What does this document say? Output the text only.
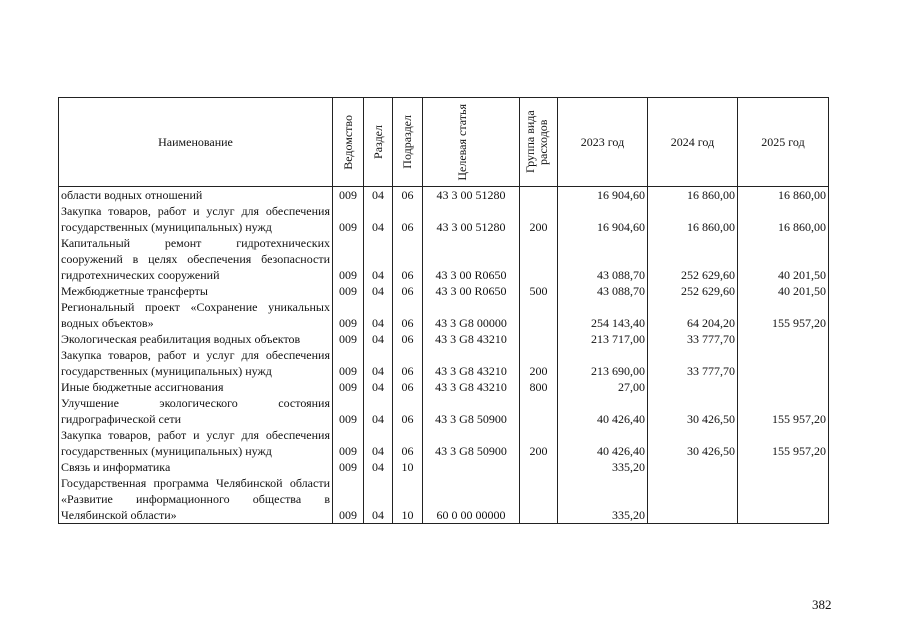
Наименование	Ведомство	Раздел	Подраздел	Целевая статья	Группа вида расходов	2023 год	2024 год	2025 год
области водных отношений	009	04	06	43 3 00 51280		16 904,60	16 860,00	16 860,00
Закупка товаров, работ и услуг для обеспечения государственных (муниципальных) нужд	009	04	06	43 3 00 51280	200	16 904,60	16 860,00	16 860,00
Капитальный ремонт гидротехнических сооружений в целях обеспечения безопасности гидротехнических сооружений	009	04	06	43 3 00 R0650		43 088,70	252 629,60	40 201,50
Межбюджетные трансферты	009	04	06	43 3 00 R0650	500	43 088,70	252 629,60	40 201,50
Региональный проект «Сохранение уникальных водных объектов»	009	04	06	43 3 G8 00000		254 143,40	64 204,20	155 957,20
Экологическая реабилитация водных объектов	009	04	06	43 3 G8 43210		213 717,00	33 777,70	
Закупка товаров, работ и услуг для обеспечения государственных (муниципальных) нужд	009	04	06	43 3 G8 43210	200	213 690,00	33 777,70	
Иные бюджетные ассигнования	009	04	06	43 3 G8 43210	800	27,00		
Улучшение экологического состояния гидрографической сети	009	04	06	43 3 G8 50900		40 426,40	30 426,50	155 957,20
Закупка товаров, работ и услуг для обеспечения государственных (муниципальных) нужд	009	04	06	43 3 G8 50900	200	40 426,40	30 426,50	155 957,20
Связь и информатика	009	04	10			335,20		
Государственная программа Челябинской области «Развитие информационного общества в Челябинской области»	009	04	10	60 0 00 00000		335,20		
382
